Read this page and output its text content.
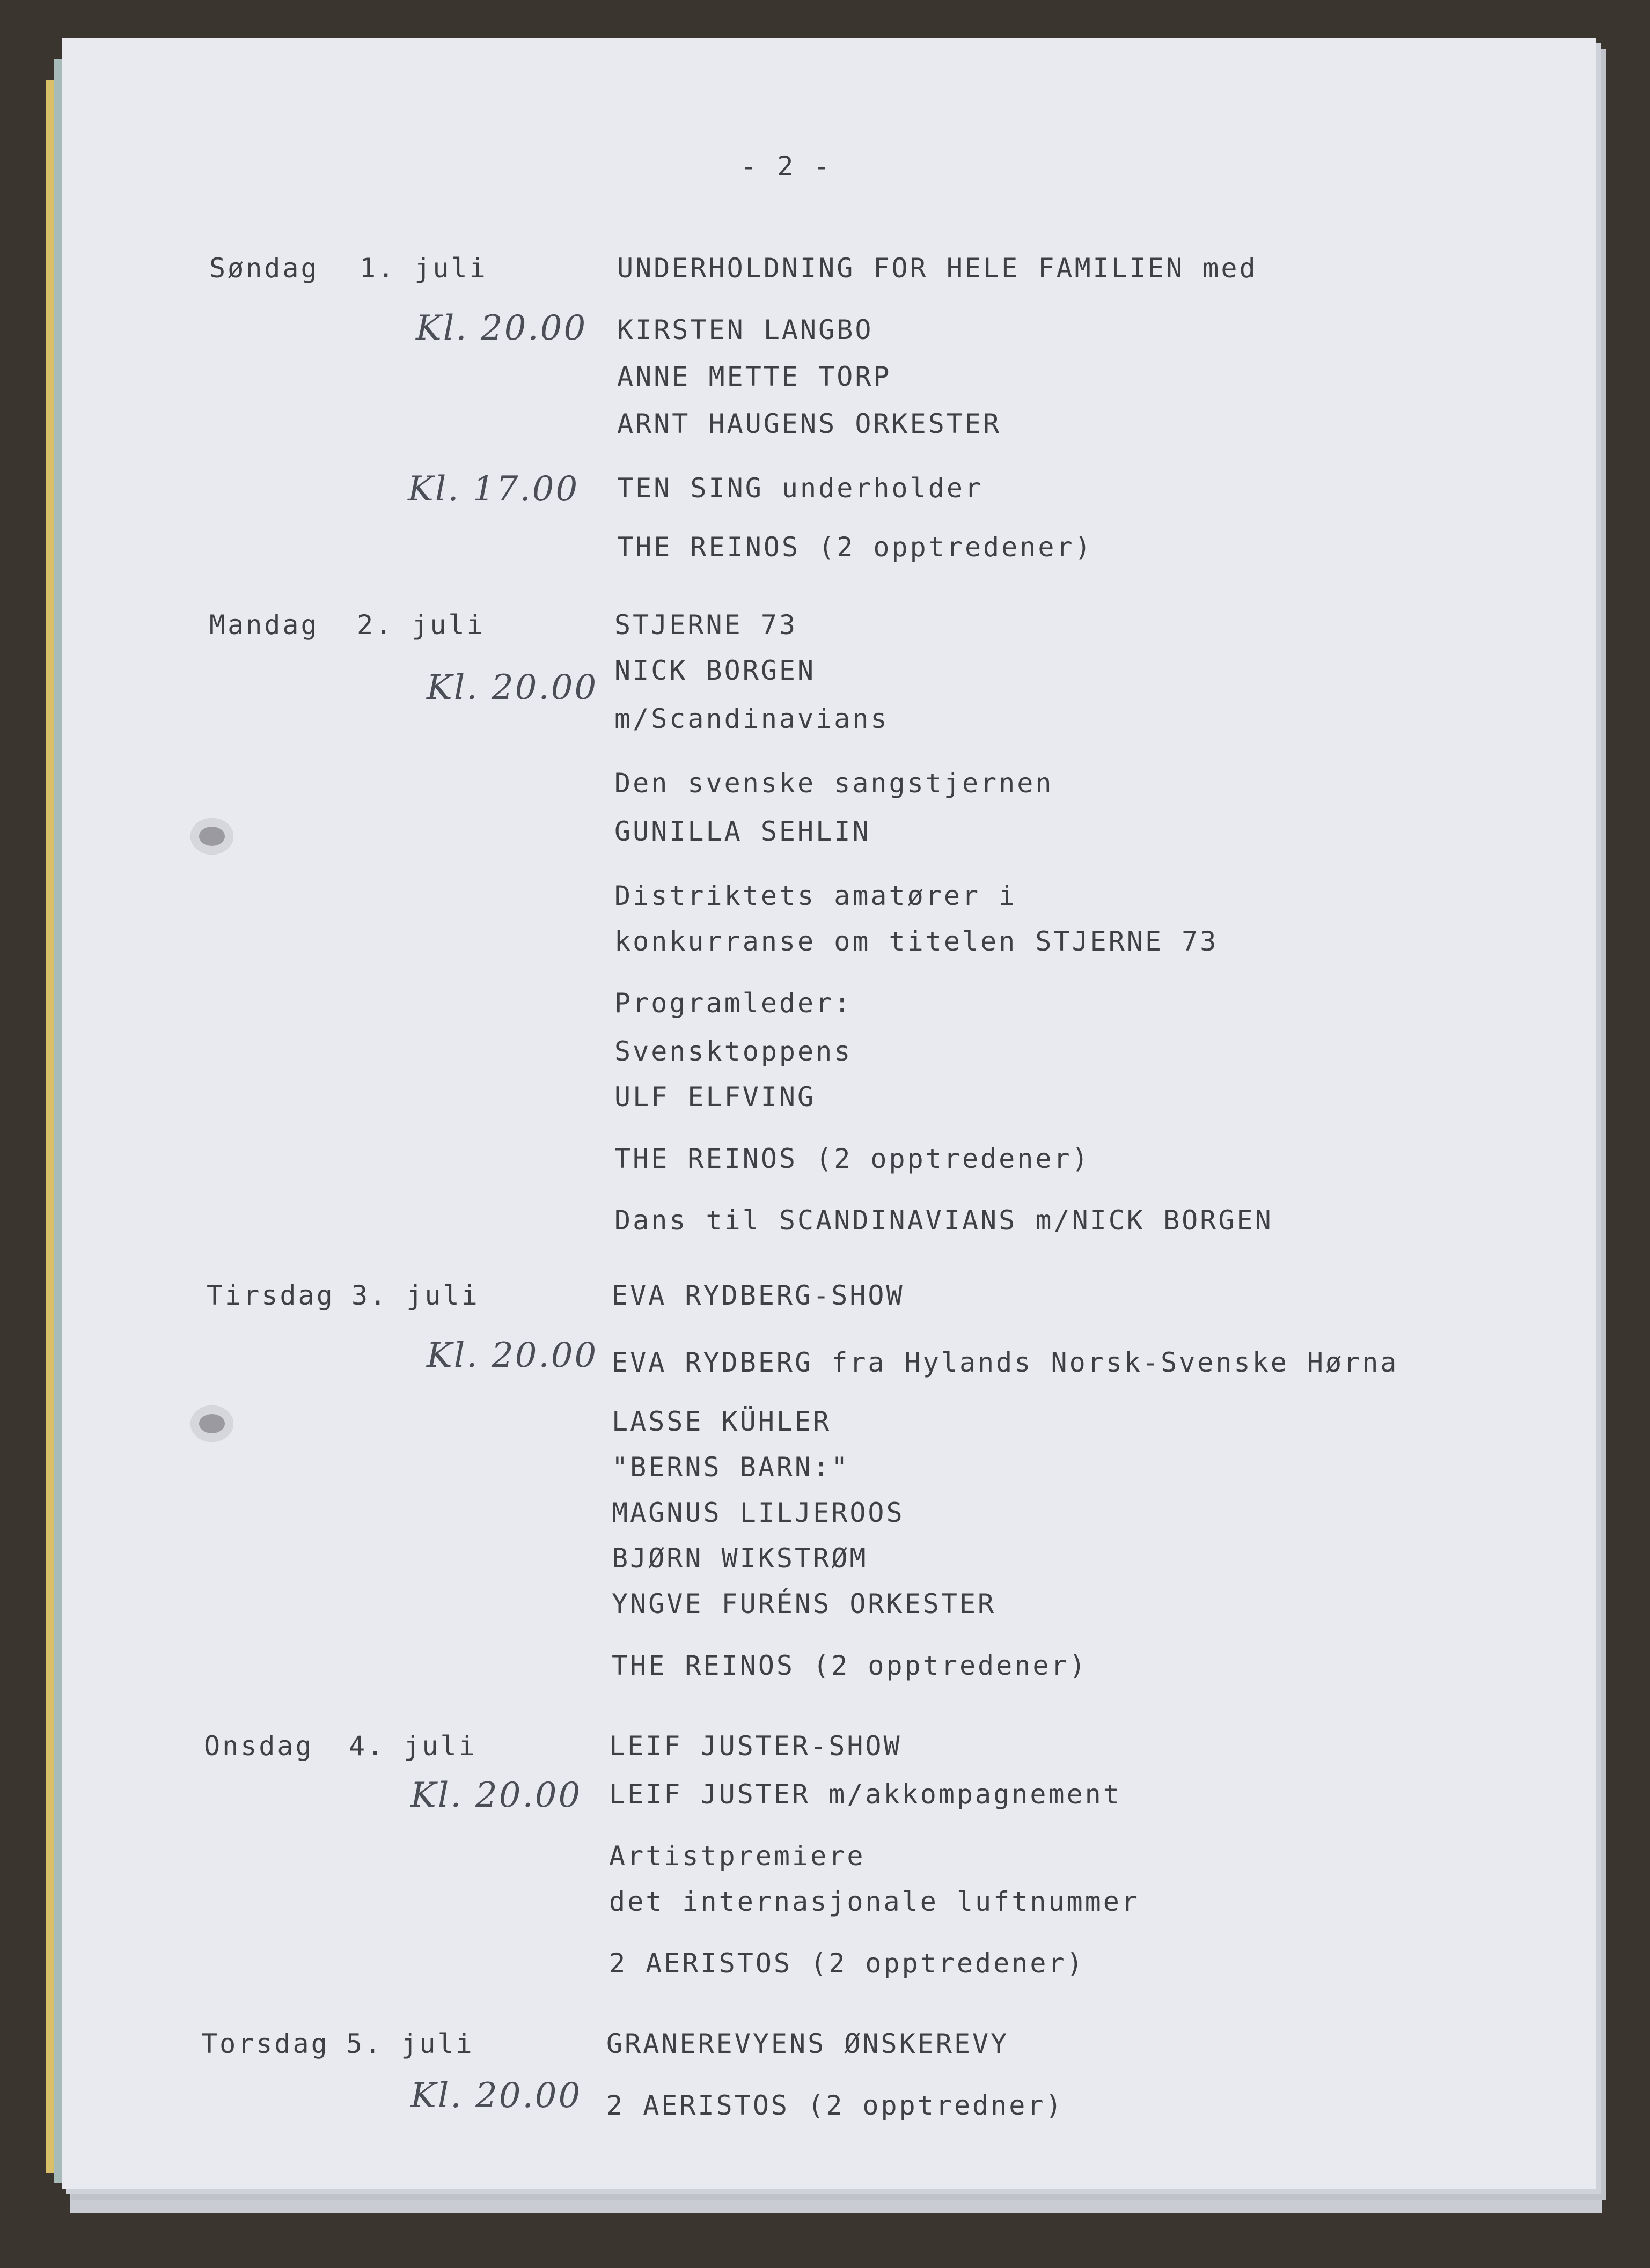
- 2 -
Søndag 1. juli
Kl. 20.00
Kl. 17.00
UNDERHOLDNING FOR HELE FAMILIEN med
KIRSTEN LANGBO
ANNE METTE TORP
ARNT HAUGENS ORKESTER
TEN SING underholder
THE REINOS (2 opptredener)
Mandag 2. juli
Kl. 20.00
STJERNE 73
NICK BORGEN
m/Scandinavians
Den svenske sangstjernen
GUNILLA SEHLIN
Distriktets amatører i
konkurranse om titelen STJERNE 73
Programleder:
Svensktoppens
ULF ELFVING
THE REINOS (2 opptredener)
Dans til SCANDINAVIANS m/NICK BORGEN
Tirsdag 3. juli
Kl. 20.00
EVA RYDBERG-SHOW
EVA RYDBERG fra Hylands Norsk-Svenske Hørna
LASSE KÜHLER
"BERNS BARN:"
MAGNUS LILJEROOS
BJØRN WIKSTRØM
YNGVE FURÉNS ORKESTER
THE REINOS (2 opptredener)
Onsdag 4. juli
Kl. 20.00
LEIF JUSTER-SHOW
LEIF JUSTER m/akkompagnement
Artistpremiere
det internasjonale luftnummer
2 AERISTOS (2 opptredener)
Torsdag 5. juli
Kl. 20.00
GRANEREVYENS ØNSKEREVY
2 AERISTOS (2 opptredner)
